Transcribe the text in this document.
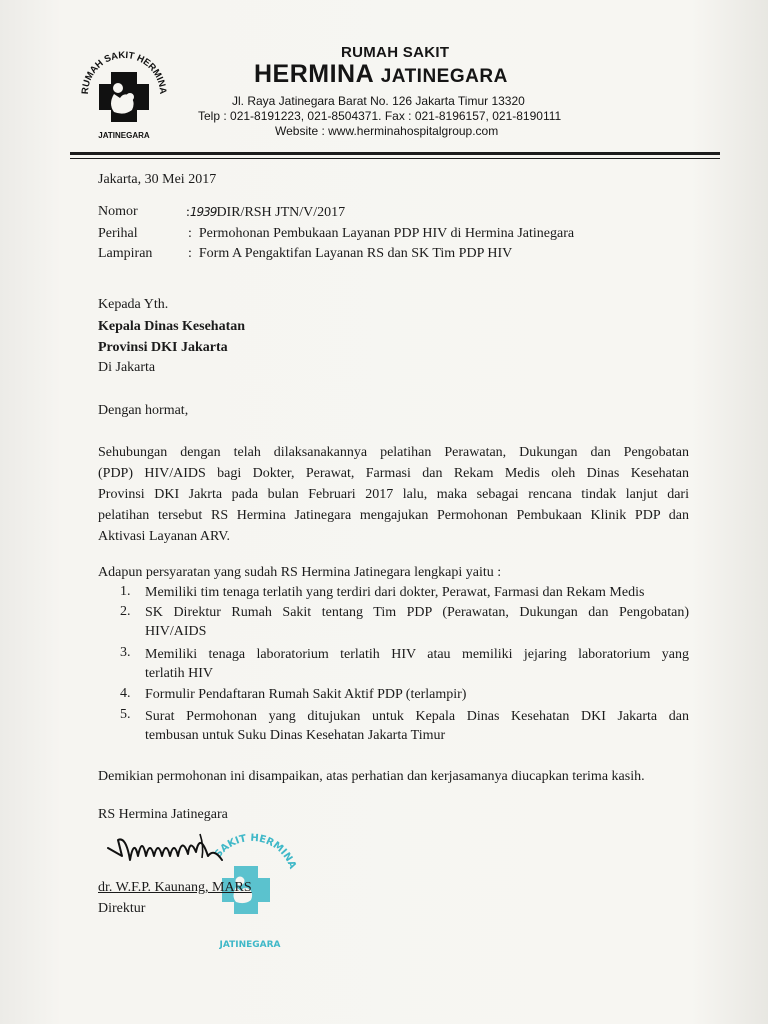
RUMAH SAKIT HERMINA
JATINEGARA
RUMAH SAKIT
HERMINA JATINEGARA
Jl. Raya Jatinegara Barat No. 126 Jakarta Timur 13320
Telp : 021-8191223, 021-8504371. Fax : 021-8196157, 021-8190111
Website : www.herminahospitalgroup.com
Jakarta, 30 Mei 2017
Nomor	:1939DIR/RSH JTN/V/2017
Perihal	: Permohonan Pembukaan Layanan PDP HIV di Hermina Jatinegara
Lampiran	: Form A Pengaktifan Layanan RS dan SK Tim PDP HIV
Kepada Yth.
Kepala Dinas Kesehatan
Provinsi DKI Jakarta
Di Jakarta
Dengan hormat,
Sehubungan dengan telah dilaksanakannya pelatihan Perawatan, Dukungan dan Pengobatan
(PDP) HIV/AIDS bagi Dokter, Perawat, Farmasi dan Rekam Medis oleh Dinas Kesehatan
Provinsi DKI Jakrta pada bulan Februari 2017 lalu, maka sebagai rencana tindak lanjut dari
pelatihan tersebut RS Hermina Jatinegara mengajukan Permohonan Pembukaan Klinik PDP dan
Aktivasi Layanan ARV.
Adapun persyaratan yang sudah RS Hermina Jatinegara lengkapi yaitu :
1. Memiliki tim tenaga terlatih yang terdiri dari dokter, Perawat, Farmasi dan Rekam Medis
2. SK Direktur Rumah Sakit tentang Tim PDP (Perawatan, Dukungan dan Pengobatan)
HIV/AIDS
3. Memiliki tenaga laboratorium terlatih HIV atau memiliki jejaring laboratorium yang
terlatih HIV
4. Formulir Pendaftaran Rumah Sakit Aktif PDP (terlampir)
5. Surat Permohonan yang ditujukan untuk Kepala Dinas Kesehatan DKI Jakarta dan
tembusan untuk Suku Dinas Kesehatan Jakarta Timur
Demikian permohonan ini disampaikan, atas perhatian dan kerjasamanya diucapkan terima kasih.
RS Hermina Jatinegara
SAKIT HERMINA
JATINEGARA
dr. W.F.P. Kaunang, MARS
Direktur
